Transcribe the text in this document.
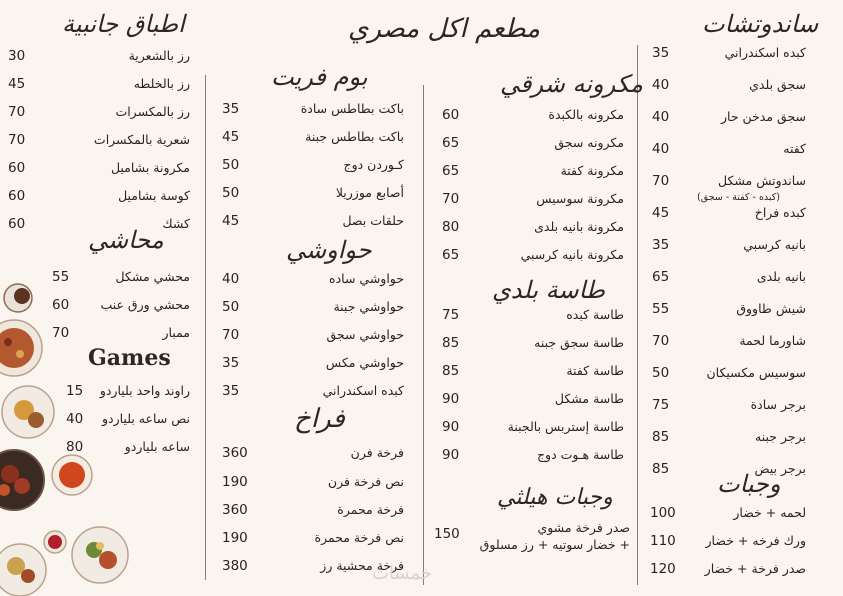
مطعم اكل مصري	ساندوتشات
كبده اسكندراني
35
سجق بلدي
40
سجق مدخن حار
40
كفته
40
ساندوتش مشكل
70
(كبده - كفتة - سجق)
كبده فراخ
45
بانيه كرسبي
35
بانيه بلدى
65
شيش طاووق
55
شاورما لحمة
70
سوسيس مكسيكان
50
برجر سادة
75
برجر جبنه
85
برجر بيض
85
وجبات
لحمه + خضار
100
ورك فرخه + خضار
110
صدر فرخة + خضار
120
مكرونه شرقي
مكرونه بالكبدة
60
مكرونه سجق
65
مكرونة كفتة
65
مكرونة سوسيس
70
مكرونة بانيه بلدى
80
مكرونة بانيه كرسبي
65
طاسة بلدي
طاسة كبده
75
طاسة سجق جبنه
85
طاسة كفتة
85
طاسة مشكل
90
طاسة إستربس بالجبنة
90
طاسة هـوت دوج
90
وجبات هيلثي
صدر فرخة مشوي
150
+ خضار سوتيه + رز مسلوق
بوم فريت
باكت بطاطس سادة
35
باكت بطاطس جبنة
45
كـوردن دوج
50
أصابع موزريلا
50
حلقات بصل
45
حواوشي
حواوشي ساده
40
حواوشي جبنة
50
حواوشي سجق
70
حواوشي مكس
35
كبده اسكندراني
35
فراخ
فرخة فرن
360
نص فرخة فرن
190
فرخة محمرة
360
نص فرخة محمرة
190
فرخة محشية رز
380
اطباق جانبية
رز بالشعرية
30
رز بالخلطه
45
رز بالمكسرات
70
شعرية بالمكسرات
70
مكرونة بشاميل
60
كوسة بشاميل
60
كشك
60
محاشي
محشي مشكل
55
محشي ورق عنب
60
ممبار
70
Games
راوند واحد بلياردو
15
نص ساعه بلياردو
40
ساعه بلياردو
80
خمسات
